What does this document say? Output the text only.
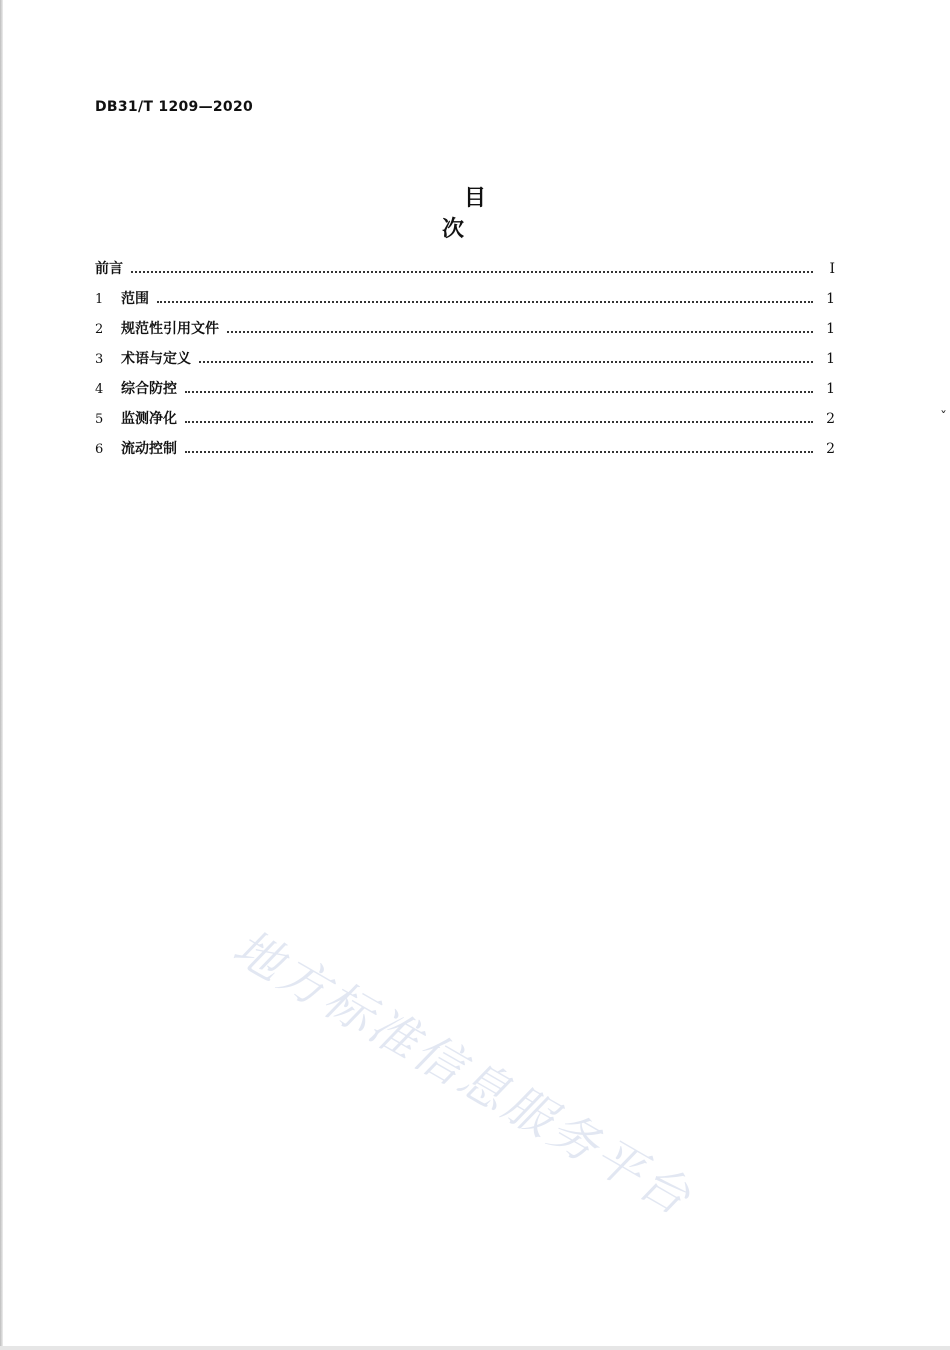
DB31/T 1209—2020
目次
前言	I
1	范围	1
2	规范性引用文件	1
3	术语与定义	1
4	综合防控	1
5	监测净化	2
6	流动控制	2
ˇ
地方标准信息服务平台
